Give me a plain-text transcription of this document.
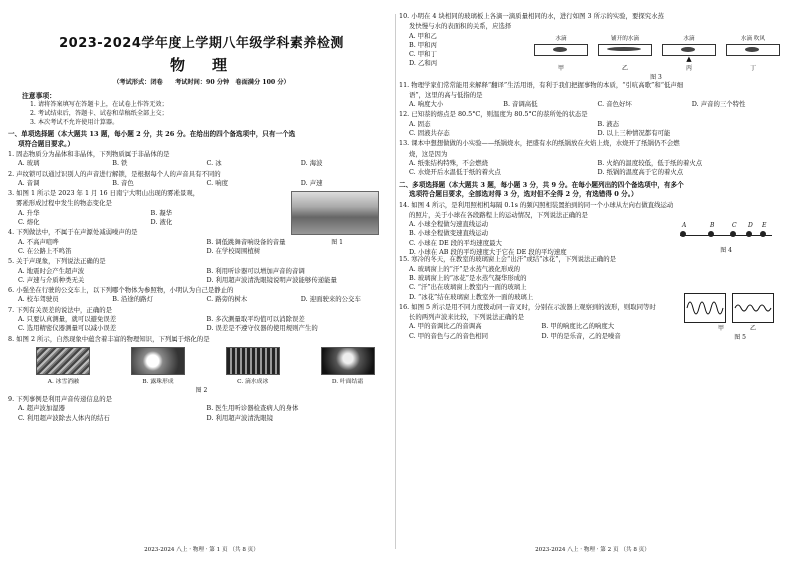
2023-2024学年度上学期八年级学科素养检测
物　理
（考试形式：闭卷　　考试时间：90 分钟　卷面满分 100 分）
注意事项：
1. 请将答案填写在答题卡上，在试卷上作答无效；
2. 考试结束后，答题卡、试卷和草稿纸全部上交；
3. 本次考试不允许使用计算器。
一、单项选择题（本大题共 13 题，每小题 2 分，共 26 分。在给出的四个备选项中，只有一个选
项符合题目要求。）
1. 固态物质分为晶体和非晶体，下列物质属于非晶体的是
A. 玻璃	B. 铁	C. 冰	D. 海波
2. 声纹锁可以通过识别人的声音进行解锁，是根据每个人的声音具有不同的
A. 音调	B. 音色	C. 响度	D. 声速
3. 如图 1 所示是 2023 年 1 月 16 日南宁大明山出现的雾凇景观，
雾凇形成过程中发生的物态变化是
A. 升华	B. 凝华
C. 熔化	D. 液化
图 1
4. 下列做法中，不属于在声源处减弱噪声的是
A. 不高声喧哗	B. 调低跳舞音响设备的音量
C. 在公路上不鸣笛	D. 在学校周围植树
5. 关于声现象，下列说法正确的是
A. 地震时会产生超声波	B. 利用听诊器可以增加声音的音调
C. 声速与介质种类无关	D. 利用超声波清洗眼镜说明声波能够传递能量
6. 小强坐在行驶的公交车上，以下列哪个物体为参照物，小明认为自己是静止的
A. 校车驾驶员	B. 沿途的路灯	C. 路旁的树木	D. 迎面驶来的公交车
7. 下列有关误差的说法中，正确的是
A. 只要认真测量，就可以避免误差	B. 多次测量取平均值可以消除误差
C. 选用精密仪器测量可以减小误差	D. 误差是不遵守仪器的使用规则产生的
8. 如图 2 所示，自然现象中蕴含着丰富的物理知识，下列属于熔化的是
A. 冰雪消融	B. 露珠形成	C. 滴水成冰	D. 叶面结霜
图 2
9. 下列事例是利用声音传递信息的是
A. 超声波加湿器	B. 医生用听诊器检查病人的身体
C. 利用超声波除去人体内的结石	D. 利用超声波清洗眼镜
2023-2024 八上 · 物理 · 第 1 页 （共 8 页）
10. 小明在 4 块相同的玻璃板上各滴一滴质量相同的水，进行如图 3 所示的实验，要探究水蒸
发快慢与水的表面积的关系，应选择
A. 甲和乙
B. 甲和丙
C. 甲和丁
D. 乙和丙
水滴	铺开的水滴	水滴
▲
水滴 吹风
甲	乙	丙	丁
图 3
11. 物理学家们常常能用来解释“翻译”生活用语，有利于我们把握事物的本质，“引吭高歌”和“低声细
语”，这里的高与低指的是
A. 响度大小	B. 音调高低	C. 音色好坏	D. 声音的三个特性
12. 已知萘的熔点是 80.5°C，则温度为 80.5°C的萘所处的状态是
A. 固态	B. 液态
C. 固液共存态	D. 以上三种情况都有可能
13. 课本中想想做做的小实验——纸锅烧水，把盛有水的纸锅放在火焰上烧，水烧开了纸锅仍不会燃
烧，这是因为
A. 纸张结构特殊，不会燃烧	B. 火焰的温度较低，低于纸的着火点
C. 水烧开后水温低于纸的着火点	D. 纸锅的温度高于它的着火点
二、多项选择题（本大题共 3 题，每小题 3 分，共 9 分。在每小题列出的四个备选项中，有多个
选项符合题目要求，全部选对得 3 分，选对但不全得 2 分，有选错得 0 分。）
14. 如图 4 所示，是利用照相机每隔 0.1s 的频闪照相装置拍到的同一个小球从左向右做直线运动
的照片，关于小球在各段路程上的运动情况，下列说法正确的是
A. 小球全程做匀速直线运动
B. 小球全程做变速直线运动
C. 小球在 DE 段的平均速度最大
D. 小球在 AB 段的平均速度大于它在 DE 段的平均速度
A	B	C D E
图 4
15. 寒冷的冬天，在教室的玻璃窗上会“出汗”或结“冰花”，下列说法正确的是
A. 玻璃窗上的“汗”是水蒸气液化形成的
B. 玻璃窗上的“冰花”是水蒸气凝华形成的
C. “汗”出在玻璃窗上教室内一面的玻璃上
D. “冰花”结在玻璃窗上教室外一面的玻璃上
16. 如图 5 所示是用不同力度拨动同一音叉时，分别在示波器上观察到的波形，则取同等时
长的两列声波来比较，下列说法正确的是
A. 甲的音调比乙的音调高	B. 甲的响度比乙的响度大
C. 甲的音色与乙的音色相同	D. 甲的是乐音，乙的是噪音
甲	乙
图 5
2023-2024 八上 · 物理 · 第 2 页 （共 8 页）
